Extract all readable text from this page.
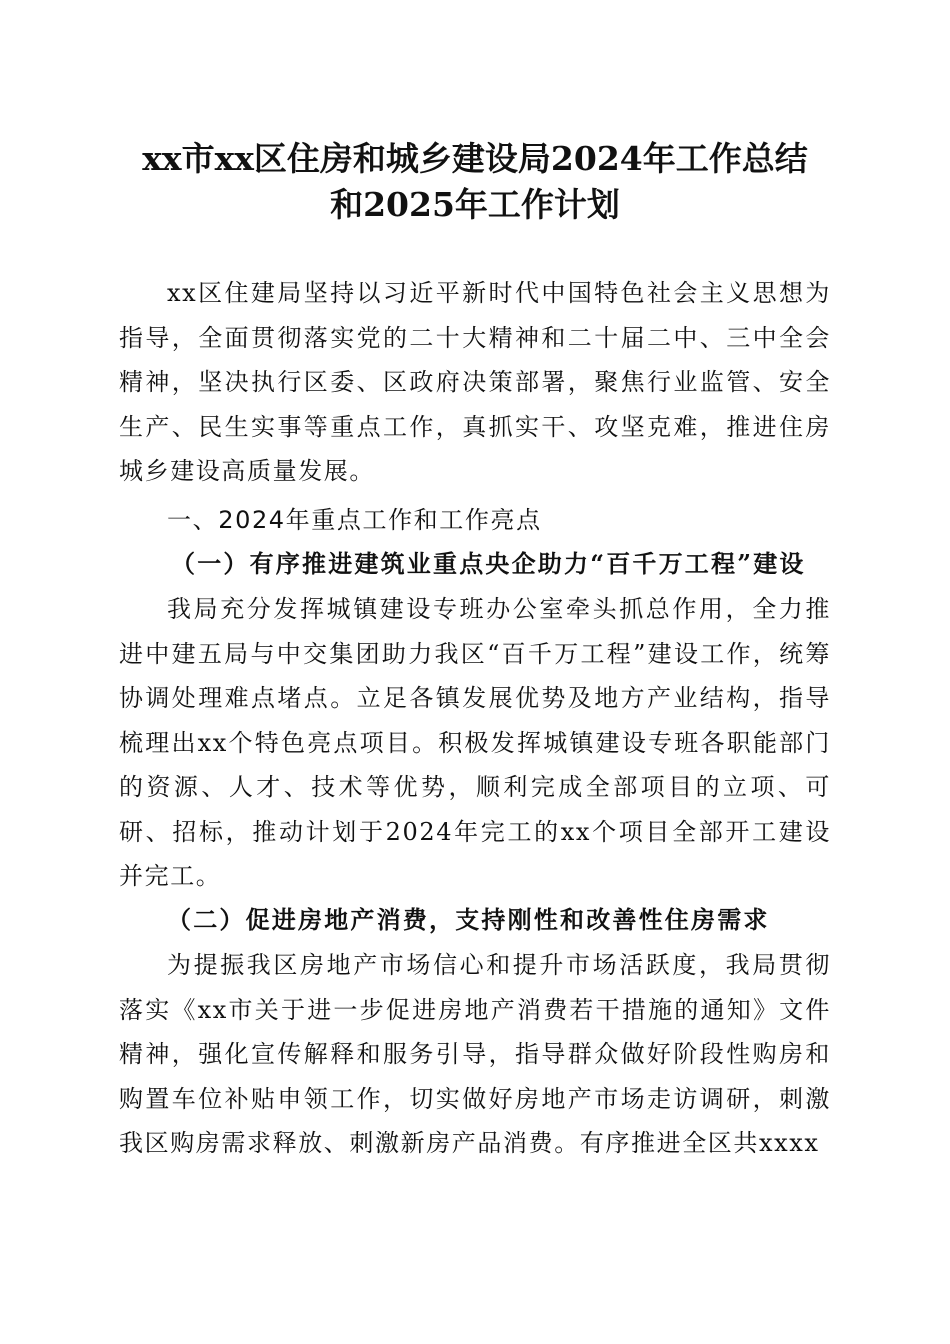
xx市xx区住房和城乡建设局2024年工作总结
和2025年工作计划

xx区住建局坚持以习近平新时代中国特色社会主义思想为指导，全面贯彻落实党的二十大精神和二十届二中、三中全会精神，坚决执行区委、区政府决策部署，聚焦行业监管、安全生产、民生实事等重点工作，真抓实干、攻坚克难，推进住房城乡建设高质量发展。

一、2024年重点工作和工作亮点

（一）有序推进建筑业重点央企助力“百千万工程”建设

我局充分发挥城镇建设专班办公室牵头抓总作用，全力推进中建五局与中交集团助力我区“百千万工程”建设工作，统筹协调处理难点堵点。立足各镇发展优势及地方产业结构，指导梳理出xx个特色亮点项目。积极发挥城镇建设专班各职能部门的资源、人才、技术等优势，顺利完成全部项目的立项、可研、招标，推动计划于2024年完工的xx个项目全部开工建设并完工。

（二）促进房地产消费，支持刚性和改善性住房需求

为提振我区房地产市场信心和提升市场活跃度，我局贯彻落实《xx市关于进一步促进房地产消费若干措施的通知》文件精神，强化宣传解释和服务引导，指导群众做好阶段性购房和购置车位补贴申领工作，切实做好房地产市场走访调研，刺激我区购房需求释放、刺激新房产品消费。有序推进全区共xxxx
